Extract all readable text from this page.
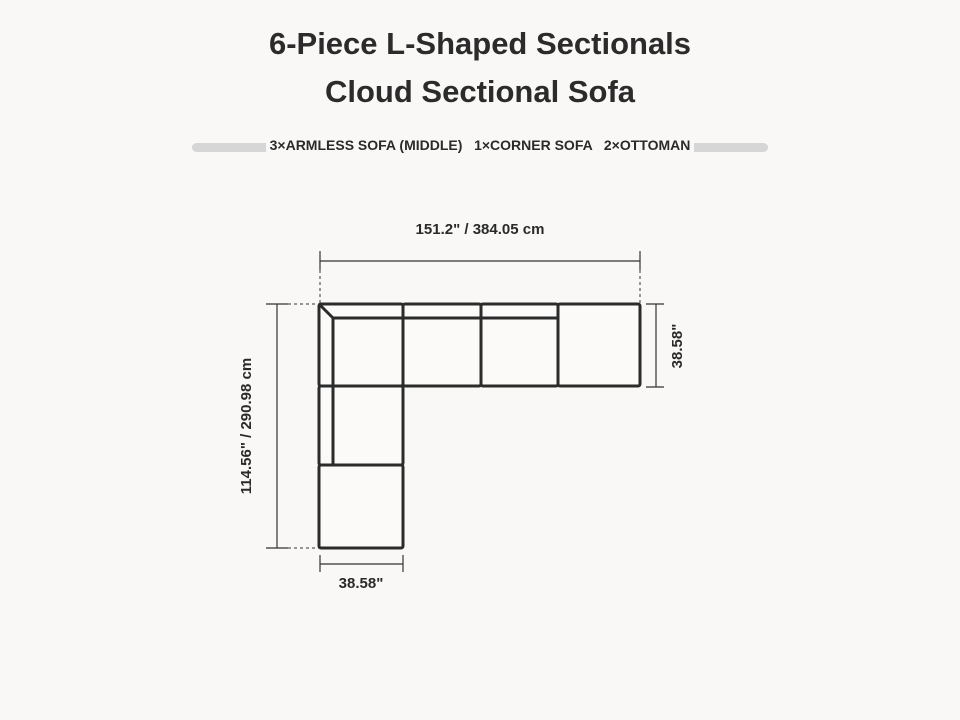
6-Piece L-Shaped Sectionals
Cloud Sectional Sofa
3×ARMLESS SOFA (MIDDLE) 1×CORNER SOFA 2×OTTOMAN
151.2" / 384.05 cm
114.56" / 290.98 cm
38.58"
38.58"
